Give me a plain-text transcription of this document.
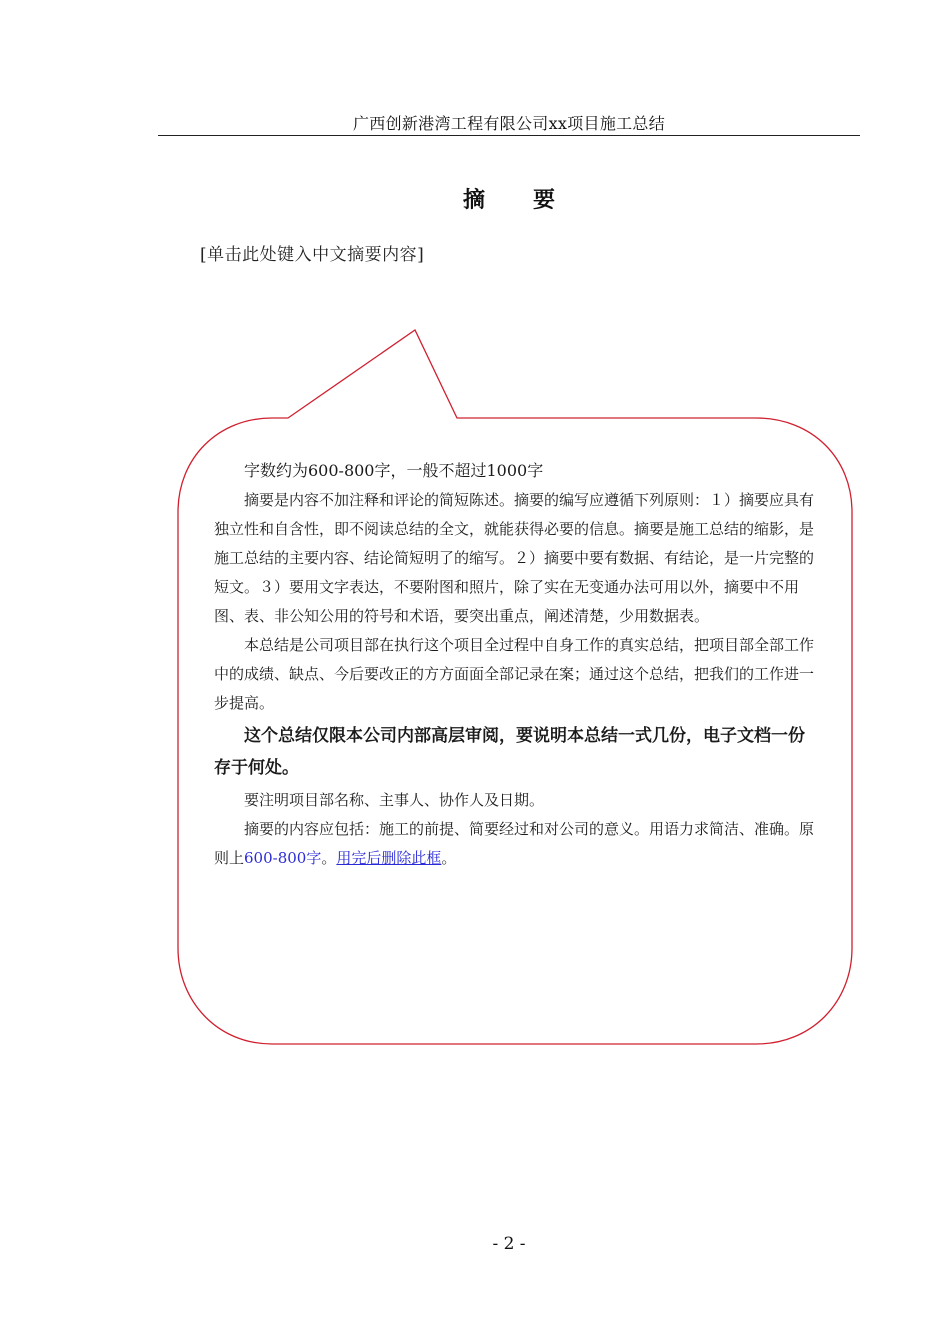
广西创新港湾工程有限公司xx项目施工总结
摘要
[单击此处键入中文摘要内容]

字数约为600-800字，一般不超过1000字

摘要是内容不加注释和评论的简短陈述。摘要的编写应遵循下列原则：１）摘要应具有独立性和自含性，即不阅读总结的全文，就能获得必要的信息。摘要是施工总结的缩影，是施工总结的主要内容、结论简短明了的缩写。２）摘要中要有数据、有结论，是一片完整的短文。３）要用文字表达，不要附图和照片，除了实在无变通办法可用以外，摘要中不用图、表、非公知公用的符号和术语，要突出重点，阐述清楚，少用数据表。

本总结是公司项目部在执行这个项目全过程中自身工作的真实总结，把项目部全部工作中的成绩、缺点、今后要改正的方方面面全部记录在案；通过这个总结，把我们的工作进一步提高。

这个总结仅限本公司内部高层审阅，要说明本总结一式几份，电子文档一份存于何处。

要注明项目部名称、主事人、协作人及日期。

摘要的内容应包括：施工的前提、简要经过和对公司的意义。用语力求简洁、准确。原则上600-800字。用完后删除此框。

- 2 -
